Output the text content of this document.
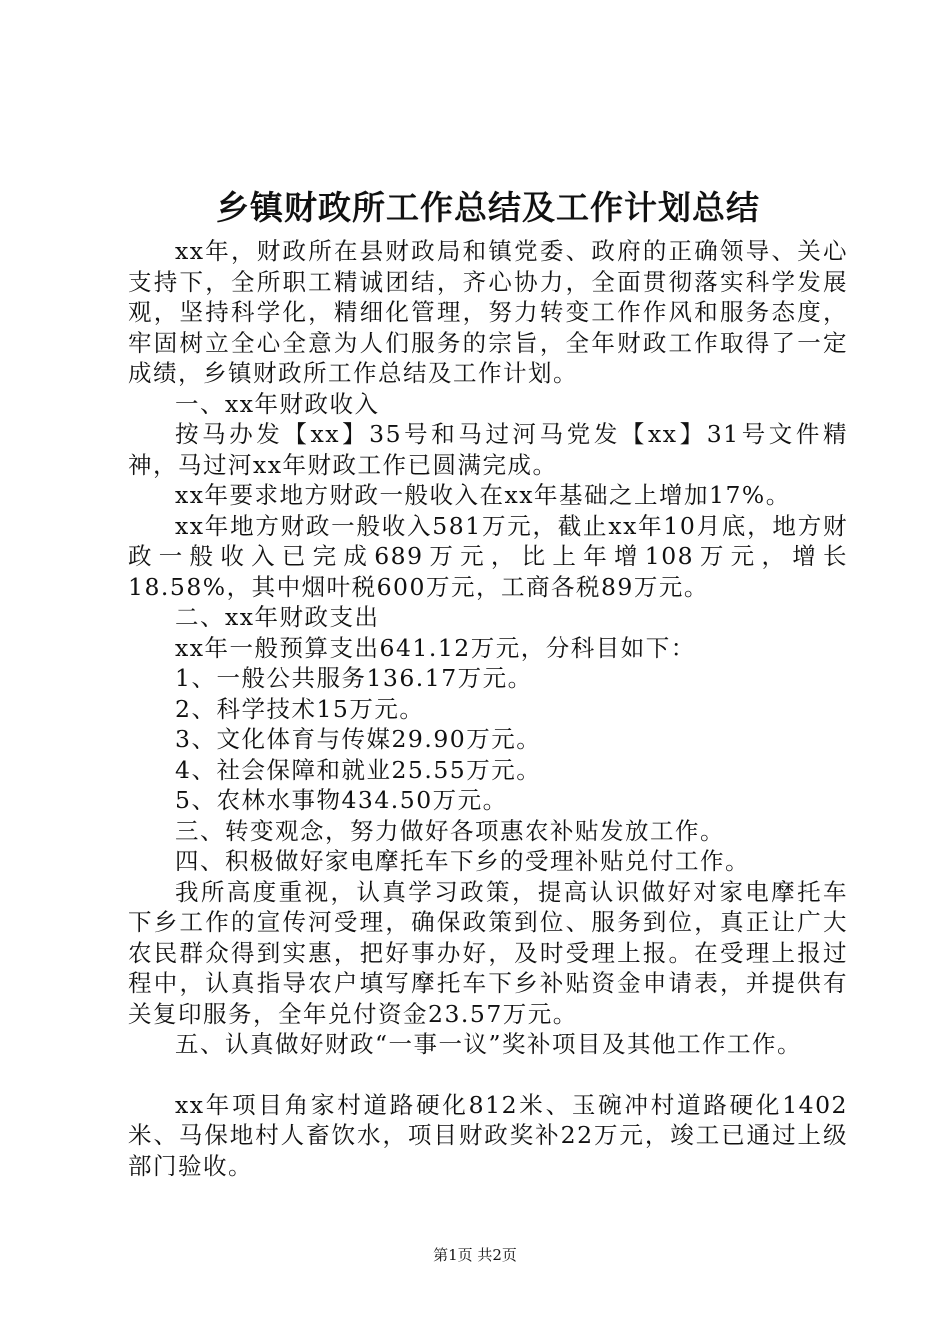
乡镇财政所工作总结及工作计划总结

xx年，财政所在县财政局和镇党委、政府的正确领导、关心支持下，全所职工精诚团结，齐心协力，全面贯彻落实科学发展观，坚持科学化，精细化管理，努力转变工作作风和服务态度，牢固树立全心全意为人们服务的宗旨，全年财政工作取得了一定成绩，乡镇财政所工作总结及工作计划。

一、xx年财政收入

按马办发【xx】35号和马过河马党发【xx】31号文件精神，马过河xx年财政工作已圆满完成。

xx年要求地方财政一般收入在xx年基础之上增加17%。

xx年地方财政一般收入581万元，截止xx年10月底，地方财政一般收入已完成689万元，比上年增108万元，增长18.58%，其中烟叶税600万元，工商各税89万元。

二、xx年财政支出

xx年一般预算支出641.12万元，分科目如下：

1、一般公共服务136.17万元。

2、科学技术15万元。

3、文化体育与传媒29.90万元。

4、社会保障和就业25.55万元。

5、农林水事物434.50万元。

三、转变观念，努力做好各项惠农补贴发放工作。

四、积极做好家电摩托车下乡的受理补贴兑付工作。

我所高度重视，认真学习政策，提高认识做好对家电摩托车下乡工作的宣传河受理，确保政策到位、服务到位，真正让广大农民群众得到实惠，把好事办好，及时受理上报。在受理上报过程中，认真指导农户填写摩托车下乡补贴资金申请表，并提供有关复印服务，全年兑付资金23.57万元。

五、认真做好财政“一事一议”奖补项目及其他工作工作。

xx年项目角家村道路硬化812米、玉碗冲村道路硬化1402米、马保地村人畜饮水，项目财政奖补22万元，竣工已通过上级部门验收。

第1页 共2页
